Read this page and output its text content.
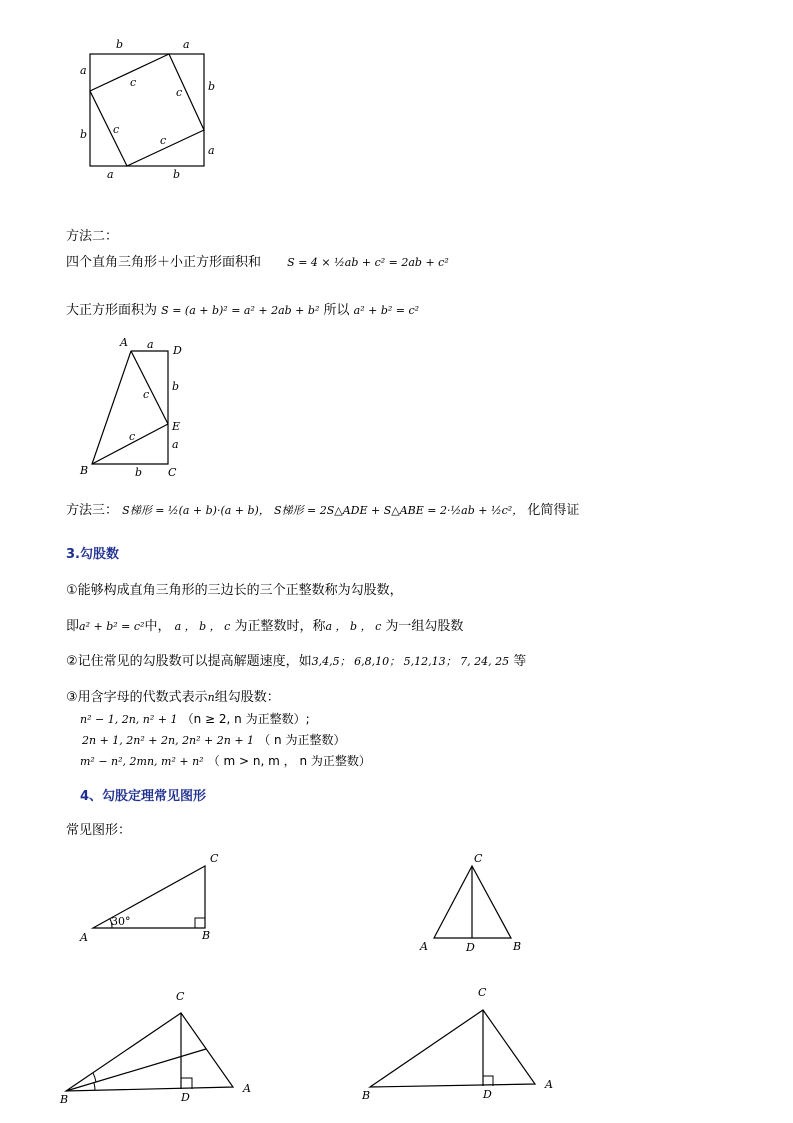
b	a
a
b
b
a
a	b
c
c
c
c
方法二：
四个直角三角形＋小正方形面积和 S = 4 × ½ab + c² = 2ab + c²
大正方形面积为 S = (a + b)² = a² + 2ab + b² 所以 a² + b² = c²
A a D
b
c
E
a
c
B	b C
方法三： S梯形 = ½(a + b)·(a + b)， S梯形 = 2S△ADE + S△ABE = 2·½ab + ½c²， 化简得证
3.勾股数
①能够构成直角三角形的三边长的三个正整数称为勾股数，
即a² + b² = c²中， a ， b ， c 为正整数时，称a ， b ， c 为一组勾股数
②记住常见的勾股数可以提高解题速度，如3,4,5； 6,8,10； 5,12,13； 7, 24, 25 等
③用含字母的代数式表示n组勾股数：
n² − 1, 2n, n² + 1 （n ≥ 2, n 为正整数）;
2n + 1, 2n² + 2n, 2n² + 2n + 1 （ n 为正整数）
m² − n², 2mn, m² + n² （ m > n, m ， n 为正整数）
4、勾股定理常见图形
常见图形：
C
30°
A	B
C
A	D	B
C
B	D
A
C
B	D
A
